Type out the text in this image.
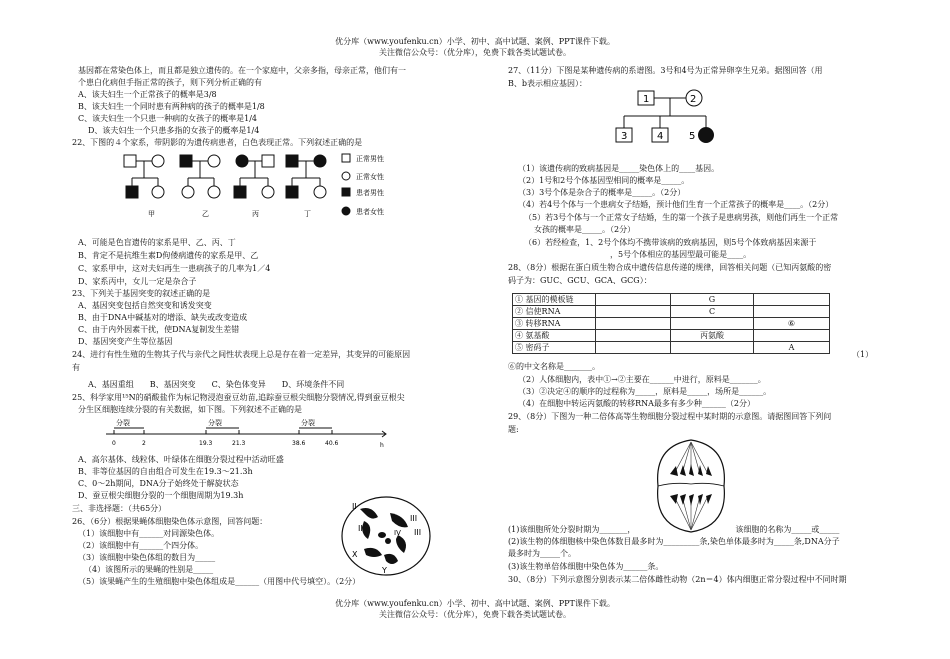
优分库（www.youfenku.cn）小学、初中、高中试题、案例、PPT课件下载。
关注微信公众号：（优分库），免费下载各类试题试卷。
基因都在常染色体上，而且都是独立遗传的。在一个家庭中，父亲多指，母亲正常，他们有一
个患白化病但手指正常的孩子，则下列分析正确的有
A、该夫妇生一个正常孩子的概率是3/8
B、该夫妇生一个同时患有两种病的孩子的概率是1/8
C、该夫妇生一个只患一种病的女孩子的概率是1/4
D、该夫妇生一个只患多指的女孩子的概率是1/4
22、下图的４个家系，带阴影的为遗传病患者，白色表现正常。下列叙述正确的是
正常男性
正常女性
患者男性
患者女性
甲	乙	丙	丁
A、可能是色盲遗传的家系是甲、乙、丙、丁
B、肯定不是抗维生素D佝偻病遗传的家系是甲、乙
C、家系甲中，这对夫妇再生一患病孩子的几率为1／4
D、家系丙中，女儿一定是杂合子
23、下列关于基因突变的叙述正确的是
A、基因突变包括自然突变和诱发突变
B、由于DNA中碱基对的增添、缺失或改变造成
C、由于内外因素干扰，使DNA复制发生差错
D、基因突变产生等位基因
24、进行有性生殖的生物其子代与亲代之间性状表现上总是存在着一定差异，其变异的可能原因
有
A、基因重组　　B、基因突变　　C、染色体变异　　D、环境条件不同
25、科学家用¹⁵N的硝酸盐作为标记物浸泡蚕豆幼苗,追踪蚕豆根尖细胞分裂情况,得到蚕豆根尖
分生区细胞连续分裂的有关数据，如下图。下列叙述不正确的是
分裂	分裂	分裂
0	2	19.3	21.3	38.6	40.6	h
A、高尔基体、线粒体、叶绿体在细胞分裂过程中活动旺盛
B、非等位基因的自由组合可发生在19.3～21.3h
C、0～2h期间，DNA分子始终处于解旋状态
D、蚕豆根尖细胞分裂的一个细胞周期为19.3h
三、非选择题：（共65分）
26、（6分）根据果蝇体细胞染色体示意图，回答问题：
（1）该细胞中有______对同源染色体。
（2）该细胞中有______个四分体。
（3）该细胞中染色体组的数目为_____
（4）该图所示的果蝇的性别是_____
（5）该果蝇产生的生殖细胞中染色体组成是______（用图中代号填空）。（2分）
II
II
III
III
IV
X
Y
27、（11分）下图是某种遗传病的系谱图。3号和4号为正常异卵孪生兄弟。据图回答（用
B、b表示相应基因）：
1	2
3	4	5
（1）该遗传病的致病基因是_____染色体上的____基因。
（2）1号和2号个体基因型相同的概率是_____。
（3）3号个体是杂合子的概率是_____。（2分）
（4）若4号个体与一个患病女子结婚，预计他们生育一个正常孩子的概率是____。（2分）
（5）若3号个体与一个正常女子结婚，生的第一个孩子是患病男孩，则他们再生一个正常
女孩的概率是_____。（2分）
（6）若经检查，1、2号个体均不携带该病的致病基因，则5号个体致病基因来源于
，5号个体相应的基因型最可能是____。
28、（8分）根据在蛋白质生物合成中遗传信息传递的规律，回答相关问题（已知丙氨酸的密
码子为：GUC、GCU、GCA、GCG）：
① 基因的模板链		G	
② 信使RNA		C	
③ 转移RNA			⑥
④ 氨基酸		丙氨酸	
⑤ 密码子			A
（1）
⑥的中文名称是_______。
（2）人体细胞内，表中①→②主要在______中进行，原料是_______。
（3）②决定④的顺序的过程称为_____，原料是_____，场所是______。
（4）在细胞中转运丙氨酸的转移RNA最多有多少种______（2分）
29、（8分）下图为一种二倍体高等生物细胞分裂过程中某时期的示意图。请据图回答下列问
题:
(1)该细胞所处分裂时期为_______，　　　　　　　　　　　　　该细胞的名称为_____或_____
(2)该生物的体细胞核中染色体数目最多时为_________条,染色单体最多时为_____条,DNA分子
最多时为_____个。
(3)该生物单倍体细胞中染色体为______条。
30、（8分）下列示意图分别表示某二倍体雌性动物（2n＝4）体内细胞正常分裂过程中不同时期
优分库（www.youfenku.cn）小学、初中、高中试题、案例、PPT课件下载。
关注微信公众号：（优分库），免费下载各类试题试卷。
